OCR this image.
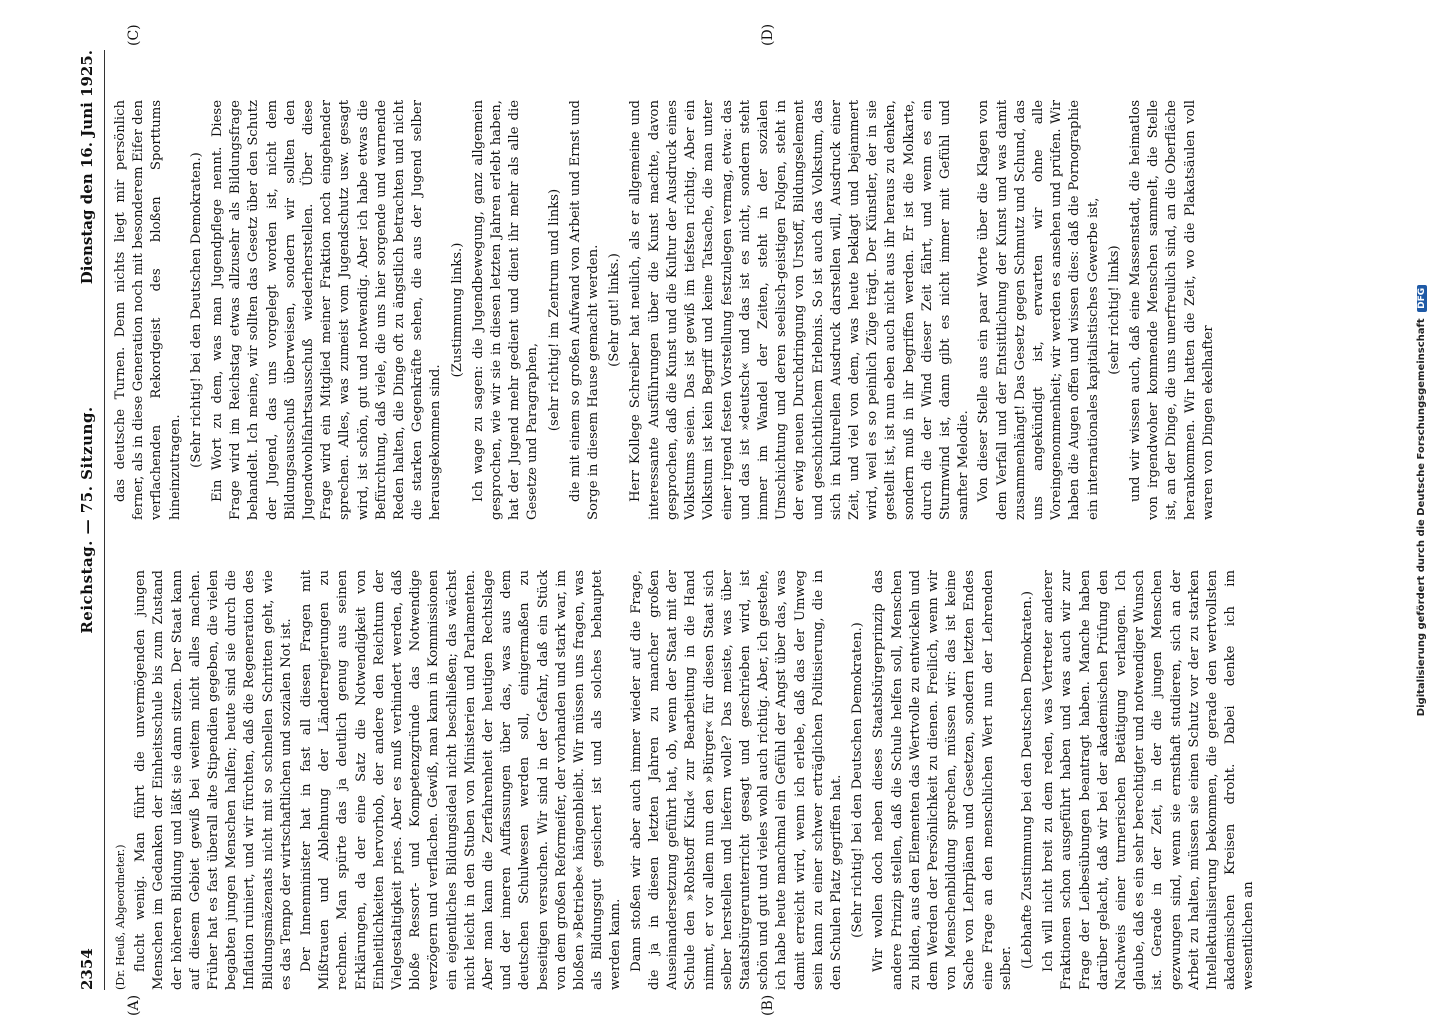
2354
Reichstag. — 75. Sitzung.
Dienstag den 16. Juni 1925.
(A)	(B)
(C)	(D)
(Dr. Heuß, Abgeordneter.) flucht wenig. Man führt die unvermögenden jungen Menschen im Gedanken der Einheitsschule bis zum Zustand der höheren Bildung und läßt sie dann sitzen. Der Staat kann auf diesem Gebiet gewiß bei weitem nicht alles machen. Früher hat es fast überall alte Stipendien gegeben, die vielen begabten jungen Menschen halfen; heute sind sie durch die Inflation ruiniert, und wir fürchten, daß die Regeneration des Bildungsmäzenats nicht mit so schnellen Schritten geht, wie es das Tempo der wirtschaftlichen und sozialen Not ist. Der Innenminister hat in fast all diesen Fragen mit Mißtrauen und Ablehnung der Länderregierungen zu rechnen. Man spürte das ja deutlich genug aus seinen Erklärungen, da der eine Satz die Notwendigkeit von Einheitlichkeiten hervorhob, der andere den Reichtum der Vielgestaltigkeit pries. Aber es muß verhindert werden, daß bloße Ressort- und Kompetenzgründe das Notwendige verzögern und verflachen. Gewiß, man kann in Kommissionen ein eigentliches Bildungsideal nicht beschließen; das wächst nicht leicht in den Stuben von Ministerien und Parlamenten. Aber man kann die Zerfahrenheit der heutigen Rechtslage und der inneren Auffassungen über das, was aus dem deutschen Schulwesen werden soll, einigermaßen zu beseitigen versuchen. Wir sind in der Gefahr, daß ein Stück von dem großen Reformeifer, der vorhanden und stark war, im bloßen »Betriebe« hängenbleibt. Wir müssen uns fragen, was als Bildungsgut gesichert ist und als solches behauptet werden kann. Dann stoßen wir aber auch immer wieder auf die Frage, die ja in diesen letzten Jahren zu mancher großen Auseinandersetzung geführt hat, ob, wenn der Staat mit der Schule den »Rohstoff Kind« zur Bearbeitung in die Hand nimmt, er vor allem nun den »Bürger« für diesen Staat sich selber herstellen und liefern wolle? Das meiste, was über Staatsbürgerunterricht gesagt und geschrieben wird, ist schön und gut und vieles wohl auch richtig. Aber, ich gestehe, ich habe heute manchmal ein Gefühl der Angst über das, was damit erreicht wird, wenn ich erlebe, daß das der Umweg sein kann zu einer schwer erträglichen Politisierung, die in den Schulen Platz gegriffen hat. (Sehr richtig! bei den Deutschen Demokraten.) Wir wollen doch neben dieses Staatsbürgerprinzip das andere Prinzip stellen, daß die Schule helfen soll, Menschen zu bilden, aus den Elementen das Wertvolle zu entwickeln und dem Werden der Persönlichkeit zu dienen. Freilich, wenn wir von Menschenbildung sprechen, müssen wir: das ist keine Sache von Lehrplänen und Gesetzen, sondern letzten Endes eine Frage an den menschlichen Wert nun der Lehrenden selber. (Lebhafte Zustimmung bei den Deutschen Demokraten.) Ich will nicht breit zu dem reden, was Vertreter anderer Fraktionen schon ausgeführt haben und was auch wir zur Frage der Leibesübungen beantragt haben. Manche haben darüber gelacht, daß wir bei der akademischen Prüfung den Nachweis einer turnerischen Betätigung verlangen. Ich glaube, daß es ein sehr berechtigter und notwendiger Wunsch ist. Gerade in der Zeit, in der die jungen Menschen gezwungen sind, wenn sie ernsthaft studieren, sich an der Arbeit zu halten, müssen sie einen Schutz vor der zu starken Intellektualisierung bekommen, die gerade den wertvollsten akademischen Kreisen droht. Dabei denke ich im wesentlichen an

das deutsche Turnen. Denn nichts liegt mir persönlich ferner, als in diese Generation noch mit besonderem Eifer den verflachenden Rekordgeist des bloßen Sporttums hineinzutragen. (Sehr richtig! bei den Deutschen Demokraten.) Ein Wort zu dem, was man Jugendpflege nennt. Diese Frage wird im Reichstag etwas allzusehr als Bildungsfrage behandelt. Ich meine, wir sollten das Gesetz über den Schutz der Jugend, das uns vorgelegt worden ist, nicht dem Bildungsausschuß überweisen, sondern wir sollten den Jugendwohlfahrtsausschuß wiederherstellen. Über diese Frage wird ein Mitglied meiner Fraktion noch eingehender sprechen. Alles, was zumeist vom Jugendschutz usw. gesagt wird, ist schön, gut und notwendig. Aber ich habe etwas die Befürchtung, daß viele, die uns hier sorgende und warnende Reden halten, die Dinge oft zu ängstlich betrachten und nicht die starken Gegenkräfte sehen, die aus der Jugend selber herausgekommen sind.

(Zustimmung links.) Ich wage zu sagen: die Jugendbewegung, ganz allgemein gesprochen, wie wir sie in diesen letzten Jahren erlebt haben, hat der Jugend mehr gedient und dient ihr mehr als alle die Gesetze und Paragraphen,

(sehr richtig! im Zentrum und links) die mit einem so großen Aufwand von Arbeit und Ernst und Sorge in diesem Hause gemacht werden. (Sehr gut! links.) Herr Kollege Schreiber hat neulich, als er allgemeine und interessante Ausführungen über die Kunst machte, davon gesprochen, daß die Kunst und die Kultur der Ausdruck eines Volkstums seien. Das ist gewiß im tiefsten richtig. Aber ein Volkstum ist kein Begriff und keine Tatsache, die man unter einer irgend festen Vorstellung festzulegen vermag, etwa: das und das ist »deutsch« und das ist es nicht, sondern steht immer im Wandel der Zeiten, steht in der sozialen Umschichtung und deren seelisch-geistigen Folgen, steht in der ewig neuen Durchdringung von Urstoff, Bildungselement und geschichtlichem Erlebnis. So ist auch das Volkstum, das sich in kulturellen Ausdruck darstellen will, Ausdruck einer Zeit, und viel von dem, was heute beklagt und bejammert wird, weil es so peinlich Züge trägt. Der Künstler, der in sie gestellt ist, ist nun eben auch nicht aus ihr heraus zu denken, sondern muß in ihr begriffen werden. Er ist die Molkarte, durch die der Wind dieser Zeit fährt, und wenn es ein Sturmwind ist, dann gibt es nicht immer mit Gefühl und sanfter Melodie. Von dieser Stelle aus ein paar Worte über die Klagen von dem Verfall und der Entsittlichung der Kunst und was damit zusammenhängt! Das Gesetz gegen Schmutz und Schund, das uns angekündigt ist, erwarten wir ohne alle Voreingenommenheit; wir werden es ansehen und prüfen. Wir haben die Augen offen und wissen dies: daß die Pornographie ein internationales kapitalistisches Gewerbe ist, (sehr richtig! links) und wir wissen auch, daß eine Massenstadt, die heimatlos von irgendwoher kommende Menschen sammelt, die Stelle ist, an der Dinge, die uns unerfreulich sind, an die Oberfläche herankommen. Wir hatten die Zeit, wo die Plakatsäulen voll waren von Dingen ekelhafter	Digitalisierung gefördert durch die Deutsche Forschungsgemeinschaft DFG
